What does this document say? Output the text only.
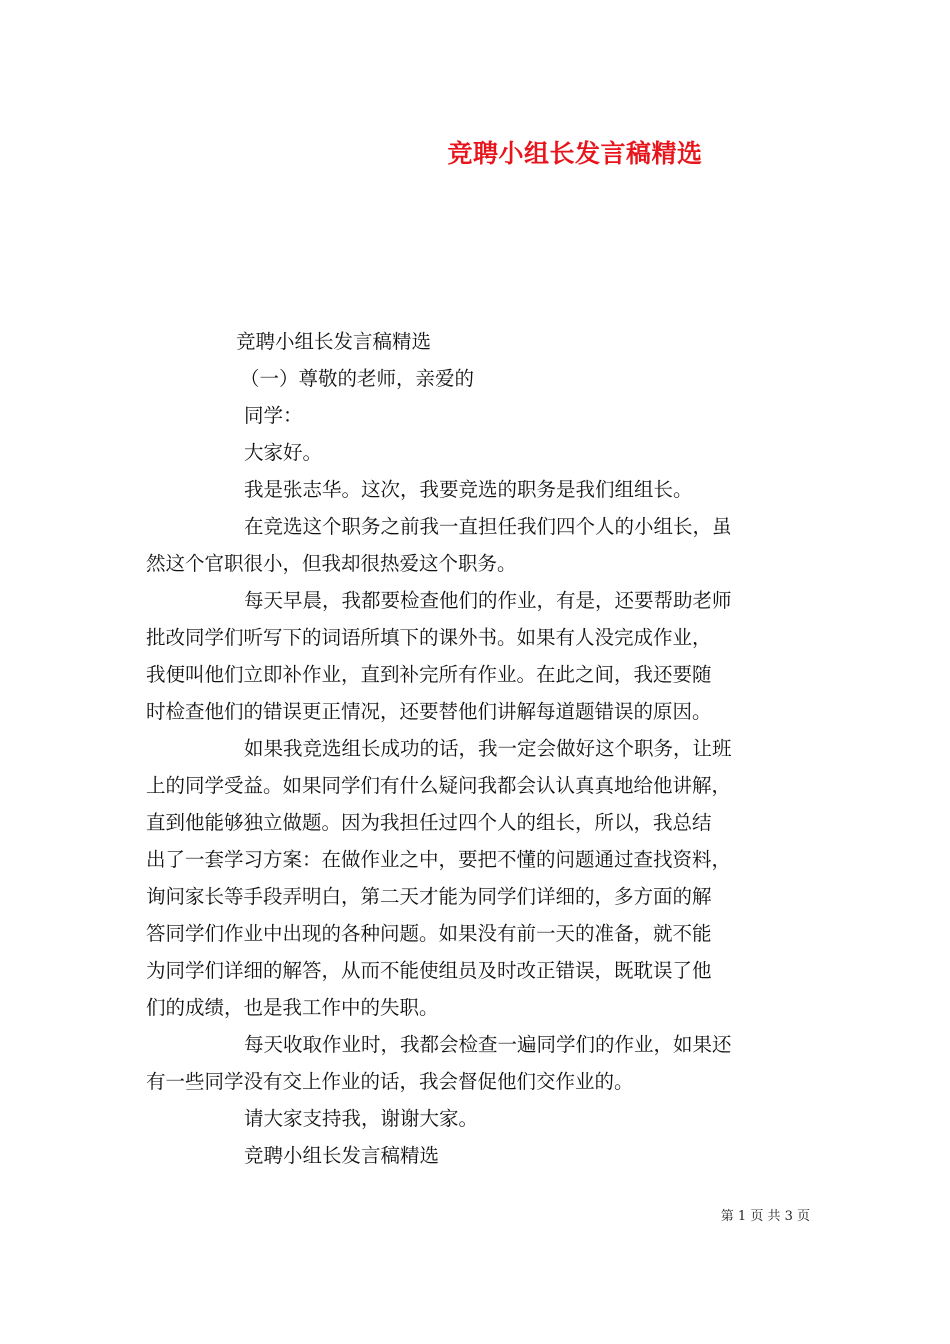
竞聘小组长发言稿精选
竞聘小组长发言稿精选
（一）尊敬的老师，亲爱的
同学：
大家好。
我是张志华。这次，我要竞选的职务是我们组组长。
在竞选这个职务之前我一直担任我们四个人的小组长，虽
然这个官职很小，但我却很热爱这个职务。
每天早晨，我都要检查他们的作业，有是，还要帮助老师
批改同学们听写下的词语所填下的课外书。如果有人没完成作业，
我便叫他们立即补作业，直到补完所有作业。在此之间，我还要随
时检查他们的错误更正情况，还要替他们讲解每道题错误的原因。
如果我竞选组长成功的话，我一定会做好这个职务，让班
上的同学受益。如果同学们有什么疑问我都会认认真真地给他讲解，
直到他能够独立做题。因为我担任过四个人的组长，所以，我总结
出了一套学习方案：在做作业之中，要把不懂的问题通过查找资料，
询问家长等手段弄明白，第二天才能为同学们详细的，多方面的解
答同学们作业中出现的各种问题。如果没有前一天的准备，就不能
为同学们详细的解答，从而不能使组员及时改正错误，既耽误了他
们的成绩，也是我工作中的失职。
每天收取作业时，我都会检查一遍同学们的作业，如果还
有一些同学没有交上作业的话，我会督促他们交作业的。
请大家支持我，谢谢大家。
竞聘小组长发言稿精选
第 1 页 共 3 页
